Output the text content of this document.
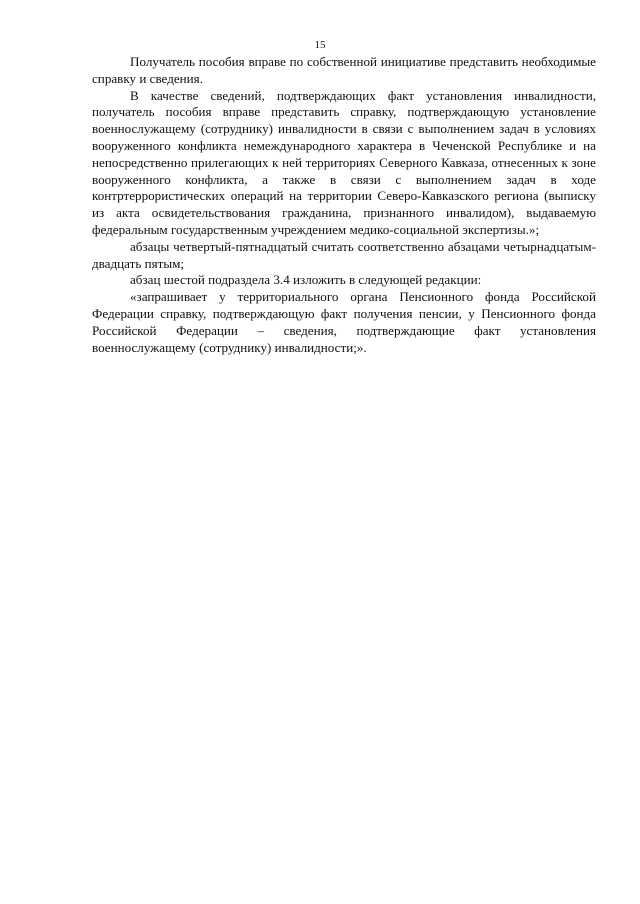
15

Получатель пособия вправе по собственной инициативе представить необходимые справку и сведения.

В качестве сведений, подтверждающих факт установления инвалидности, получатель пособия вправе представить справку, подтверждающую установление военнослужащему (сотруднику) инвалидности в связи с выполнением задач в условиях вооруженного конфликта немеждународного характера в Чеченской Республике и на непосредственно прилегающих к ней территориях Северного Кавказа, отнесенных к зоне вооруженного конфликта, а также в связи с выполнением задач в ходе контртеррористических операций на территории Северо-Кавказского региона (выписку из акта освидетельствования гражданина, признанного инвалидом), выдаваемую федеральным государственным учреждением медико-социальной экспертизы.»;

абзацы четвертый-пятнадцатый считать соответственно абзацами четырнадцатым-двадцать пятым;

абзац шестой подраздела 3.4 изложить в следующей редакции:

«запрашивает у территориального органа Пенсионного фонда Российской Федерации справку, подтверждающую факт получения пенсии, у Пенсионного фонда Российской Федерации – сведения, подтверждающие факт установления военнослужащему (сотруднику) инвалидности;».
